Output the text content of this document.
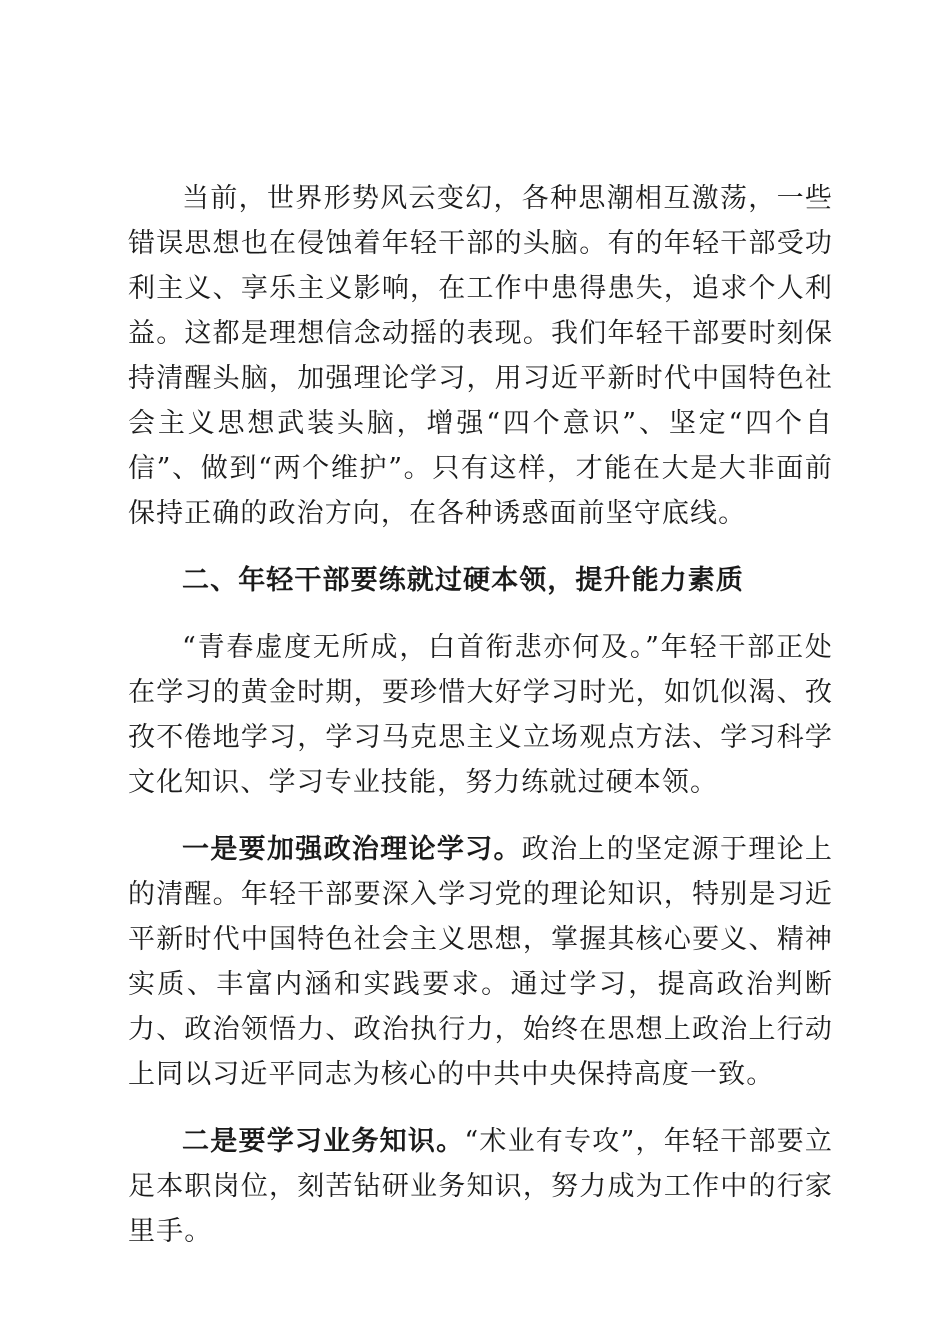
当前，世界形势风云变幻，各种思潮相互激荡，一些错误思想也在侵蚀着年轻干部的头脑。有的年轻干部受功利主义、享乐主义影响，在工作中患得患失，追求个人利益。这都是理想信念动摇的表现。我们年轻干部要时刻保持清醒头脑，加强理论学习，用习近平新时代中国特色社会主义思想武装头脑，增强“四个意识”、坚定“四个自信”、做到“两个维护”。只有这样，才能在大是大非面前保持正确的政治方向，在各种诱惑面前坚守底线。

二、年轻干部要练就过硬本领，提升能力素质

“青春虚度无所成，白首衔悲亦何及。”年轻干部正处在学习的黄金时期，要珍惜大好学习时光，如饥似渴、孜孜不倦地学习，学习马克思主义立场观点方法、学习科学文化知识、学习专业技能，努力练就过硬本领。

一是要加强政治理论学习。政治上的坚定源于理论上的清醒。年轻干部要深入学习党的理论知识，特别是习近平新时代中国特色社会主义思想，掌握其核心要义、精神实质、丰富内涵和实践要求。通过学习，提高政治判断力、政治领悟力、政治执行力，始终在思想上政治上行动上同以习近平同志为核心的中共中央保持高度一致。

二是要学习业务知识。“术业有专攻”，年轻干部要立足本职岗位，刻苦钻研业务知识，努力成为工作中的行家里手。
